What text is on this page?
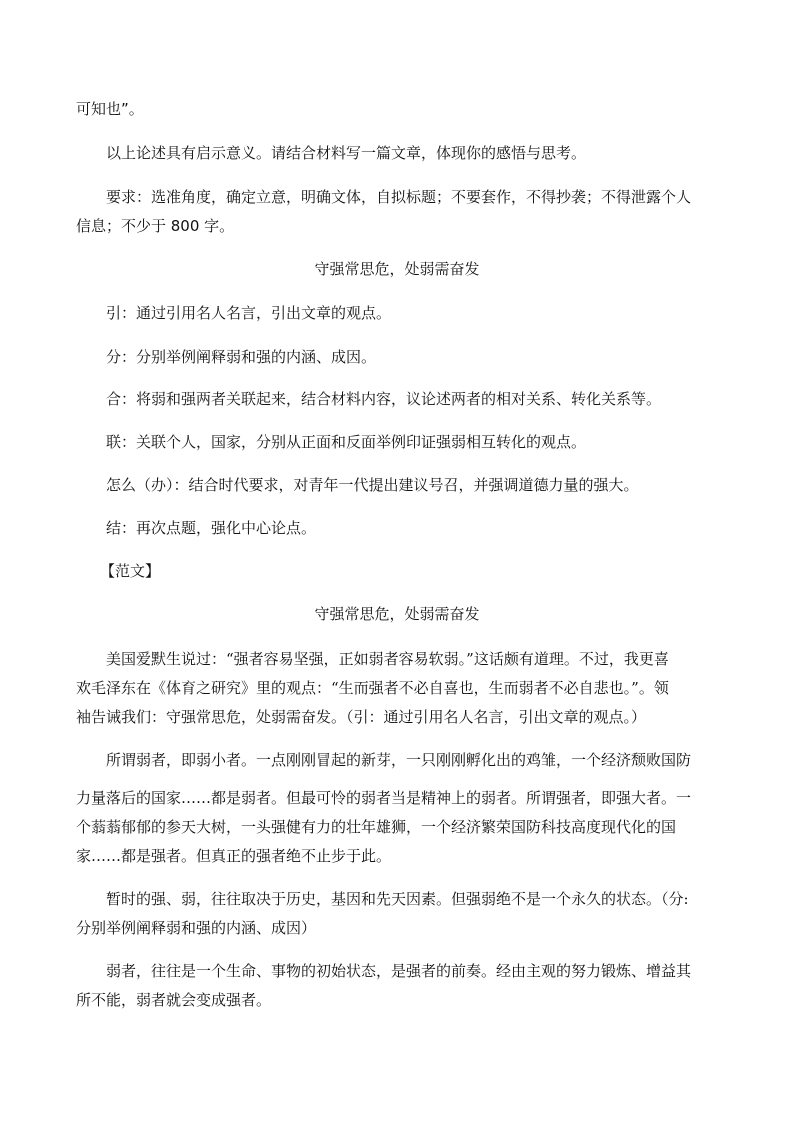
可知也”。
以上论述具有启示意义。请结合材料写一篇文章，体现你的感悟与思考。
要求：选准角度，确定立意，明确文体，自拟标题；不要套作，不得抄袭；不得泄露个人
信息；不少于 800 字。
守强常思危，处弱需奋发
引：通过引用名人名言，引出文章的观点。
分：分别举例阐释弱和强的内涵、成因。
合：将弱和强两者关联起来，结合材料内容，议论述两者的相对关系、转化关系等。
联：关联个人，国家，分别从正面和反面举例印证强弱相互转化的观点。
怎么（办）：结合时代要求，对青年一代提出建议号召，并强调道德力量的强大。
结：再次点题，强化中心论点。
【范文】
守强常思危，处弱需奋发
美国爱默生说过：“强者容易坚强，正如弱者容易软弱。”这话颇有道理。不过，我更喜
欢毛泽东在《体育之研究》里的观点：“生而强者不必自喜也，生而弱者不必自悲也。”。领
袖告诫我们：守强常思危，处弱需奋发。（引：通过引用名人名言，引出文章的观点。）
所谓弱者，即弱小者。一点刚刚冒起的新芽，一只刚刚孵化出的鸡雏，一个经济颓败国防
力量落后的国家……都是弱者。但最可怜的弱者当是精神上的弱者。所谓强者，即强大者。一
个蓊蓊郁郁的参天大树，一头强健有力的壮年雄狮，一个经济繁荣国防科技高度现代化的国
家……都是强者。但真正的强者绝不止步于此。
暂时的强、弱，往往取决于历史，基因和先天因素。但强弱绝不是一个永久的状态。（分:
分别举例阐释弱和强的内涵、成因）
弱者，往往是一个生命、事物的初始状态，是强者的前奏。经由主观的努力锻炼、增益其
所不能，弱者就会变成强者。
